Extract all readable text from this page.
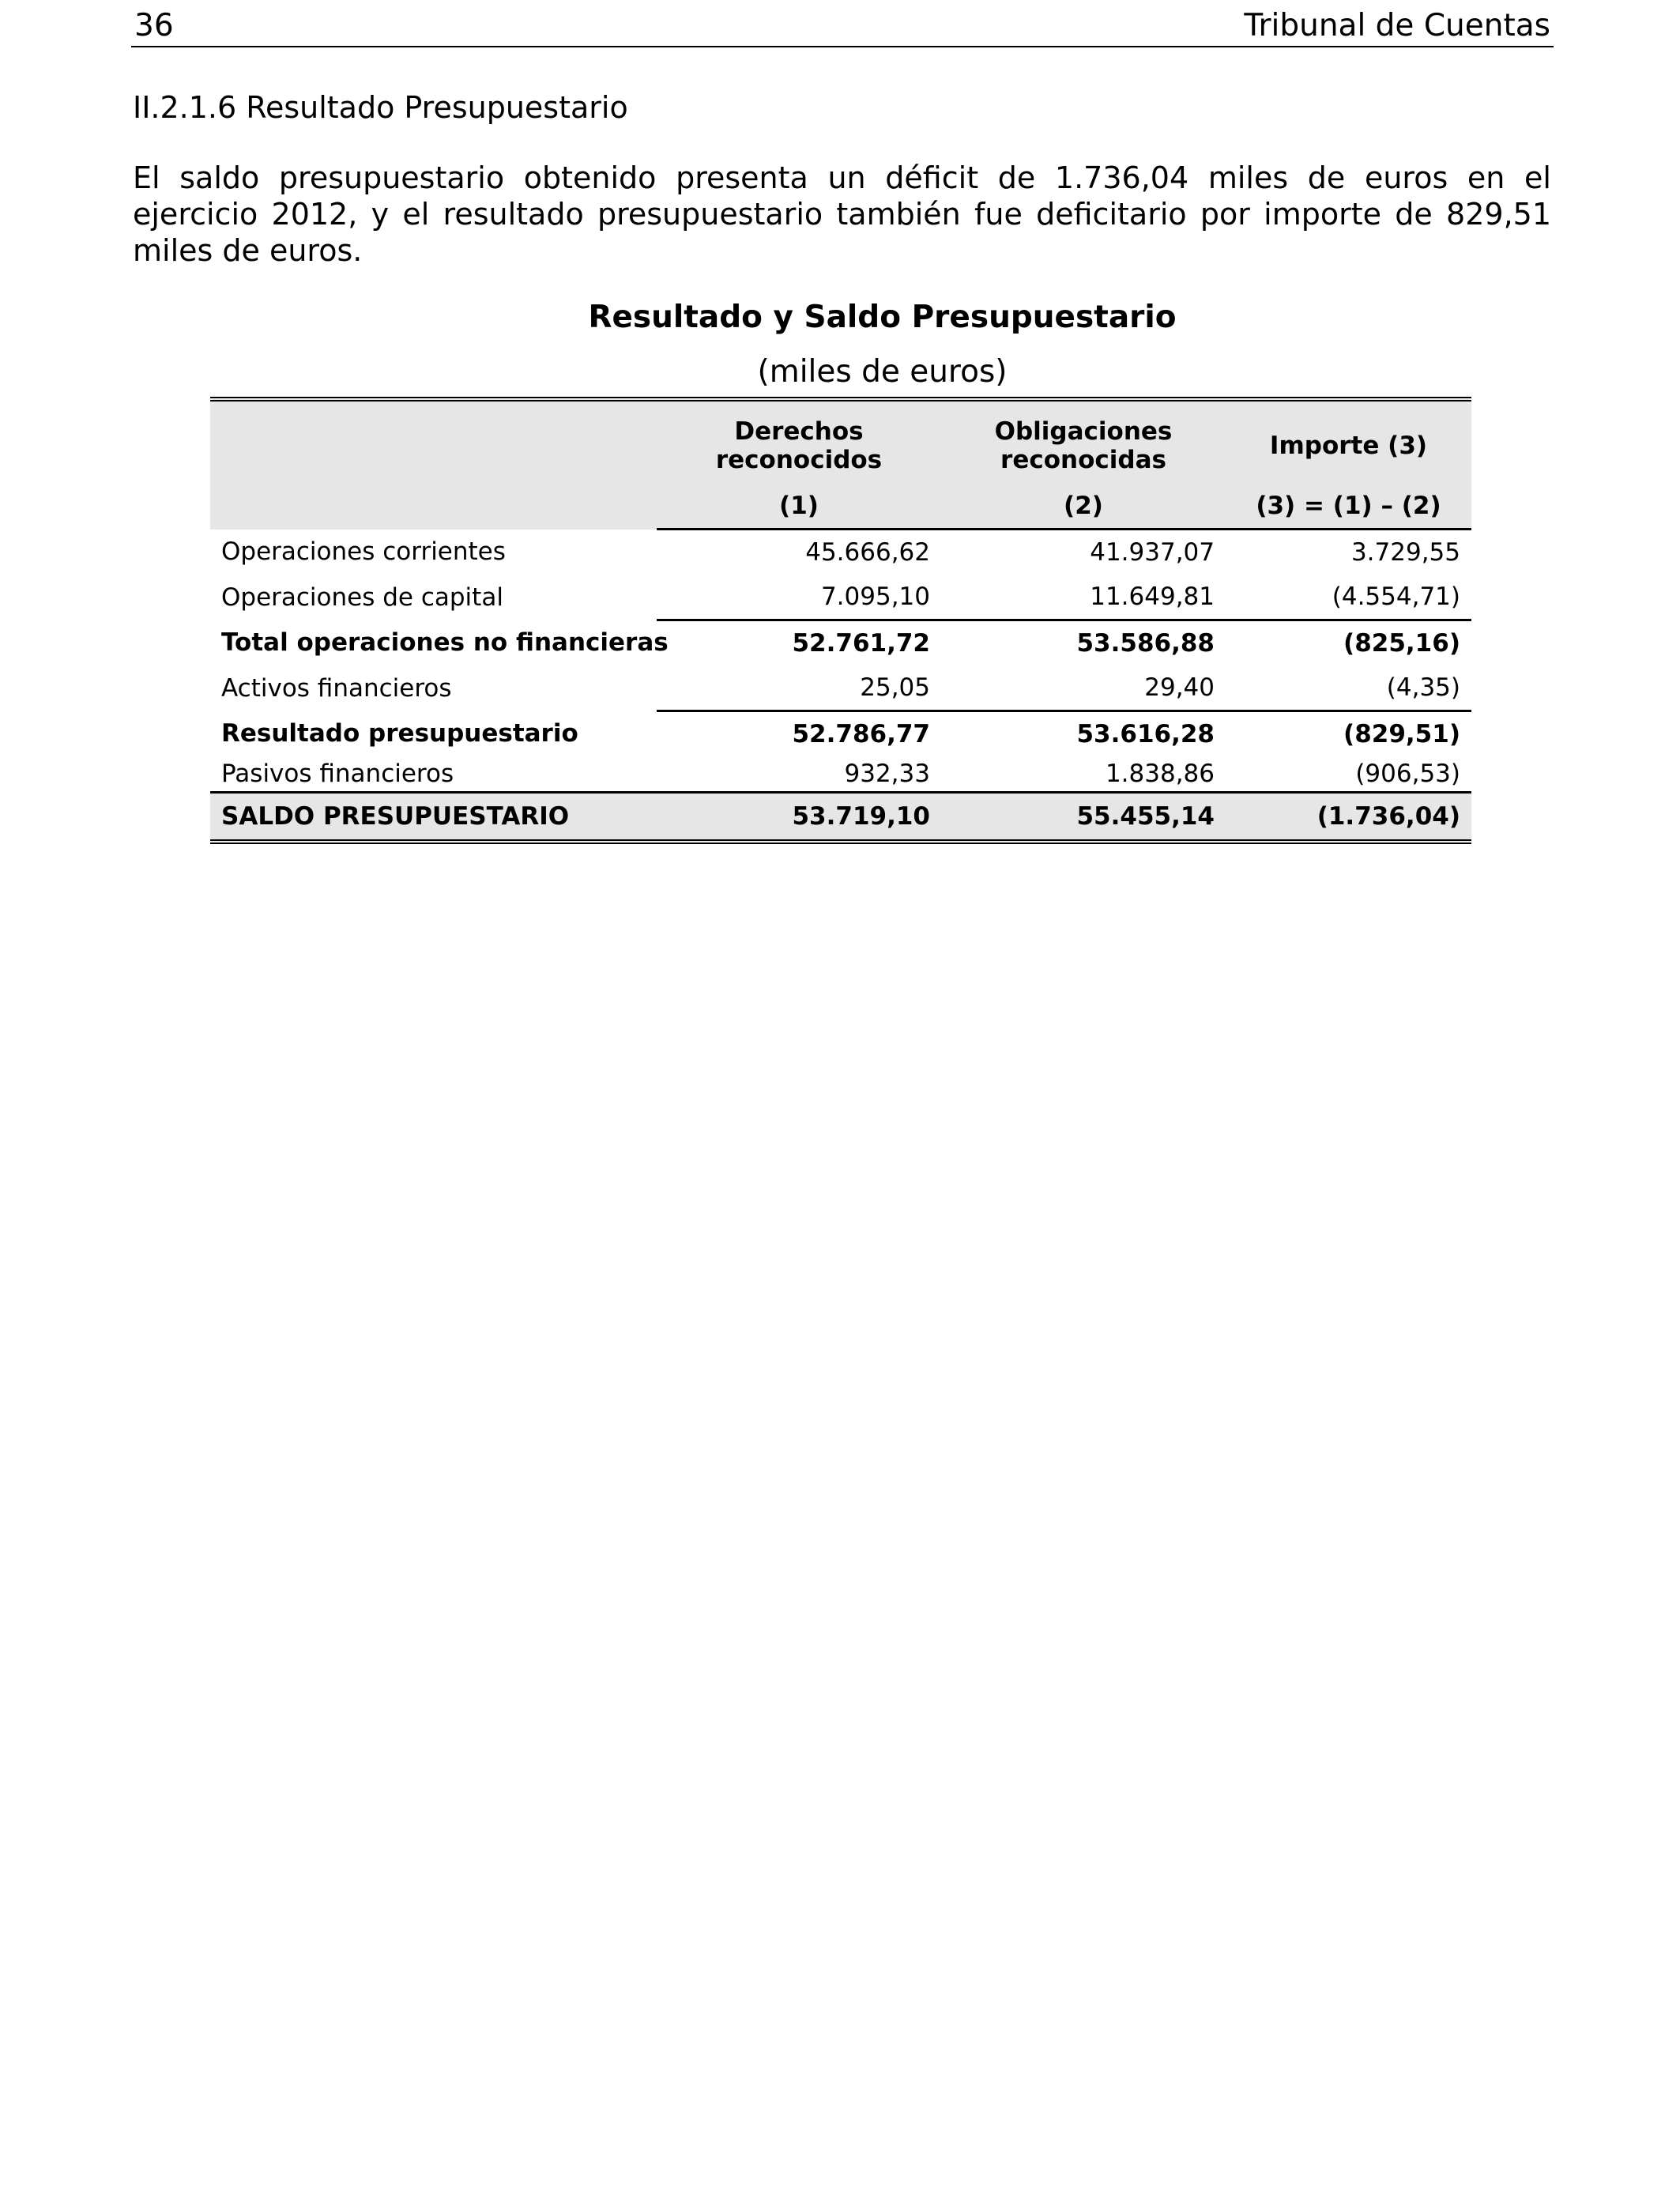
36	Tribunal de Cuentas
II.2.1.6 Resultado Presupuestario

El saldo presupuestario obtenido presenta un déficit de 1.736,04 miles de euros en el ejercicio 2012, y el resultado presupuestario también fue deficitario por importe de 829,51 miles de euros.

Resultado y Saldo Presupuestario
(miles de euros)
	Derechos reconocidos	Obligaciones reconocidas	Importe (3)
	(1)	(2)	(3) = (1) – (2)
Operaciones corrientes	45.666,62	41.937,07	3.729,55
Operaciones de capital	7.095,10	11.649,81	(4.554,71)
Total operaciones no financieras	52.761,72	53.586,88	(825,16)
Activos financieros	25,05	29,40	(4,35)
Resultado presupuestario	52.786,77	53.616,28	(829,51)
Pasivos financieros	932,33	1.838,86	(906,53)
SALDO PRESUPUESTARIO	53.719,10	55.455,14	(1.736,04)
